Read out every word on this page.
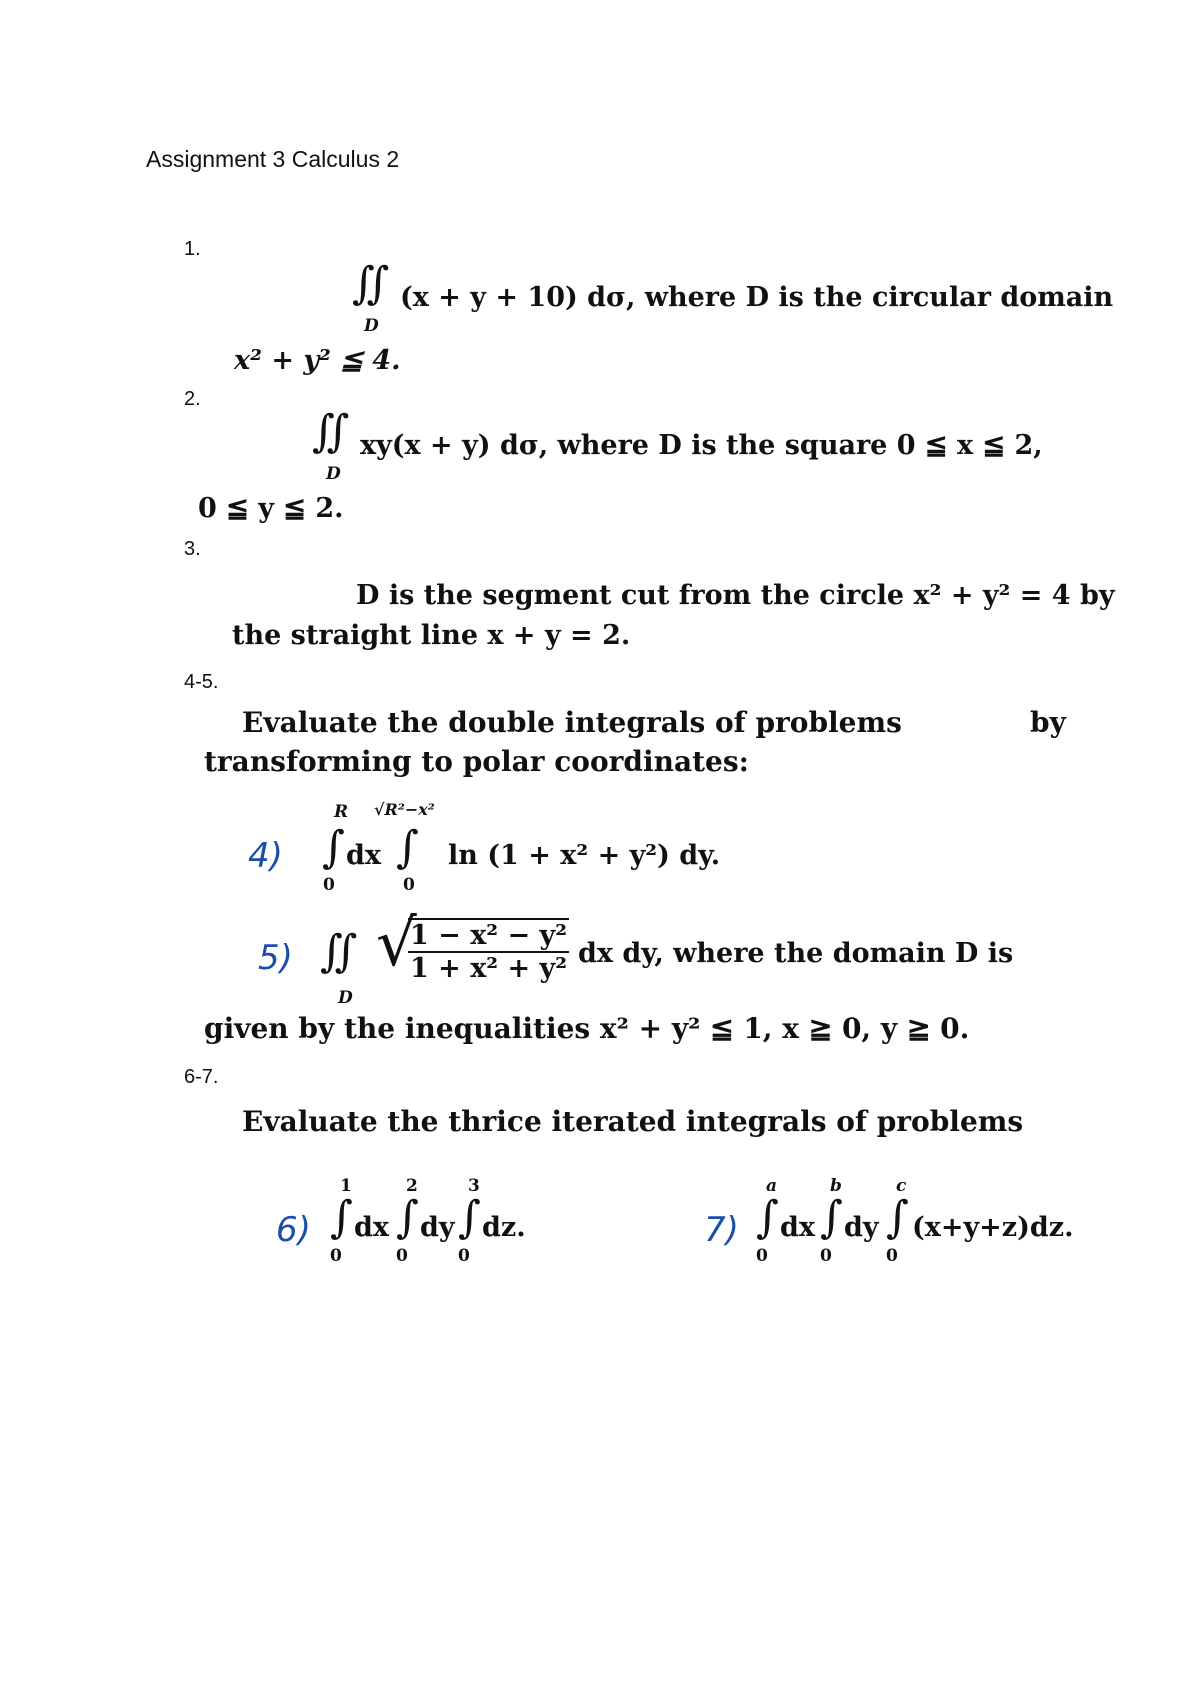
Assignment 3 Calculus 2
1.
∬
D
(x + y + 10) dσ, where D is the circular domain
x² + y² ≦ 4.
2.
∬
D
xy(x + y) dσ, where D is the square 0 ≦ x ≦ 2,
0 ≦ y ≦ 2.
3.
D is the segment cut from the circle x² + y² = 4 by
the straight line x + y = 2.
4-5.
Evaluate the double integrals of problems	by
transforming to polar coordinates:
4)
R
∫
0
dx
√R²−x²
∫
0
ln (1 + x² + y²) dy.
5) ∬
D
√
$\frac{\text{1 − x² − y²}}{\text{1 + x² + y²}}$ dx dy, where the domain D is
given by the inequalities x² + y² ≦ 1, x ≧ 0, y ≧ 0.
6-7.
Evaluate the thrice iterated integrals of problems
6)
1
∫
0
dx
2
∫
0
dy
3
∫
0
dz.	7)
a
∫
0
dx
b
∫
0
dy
c
∫
0
(x+y+z)dz.
